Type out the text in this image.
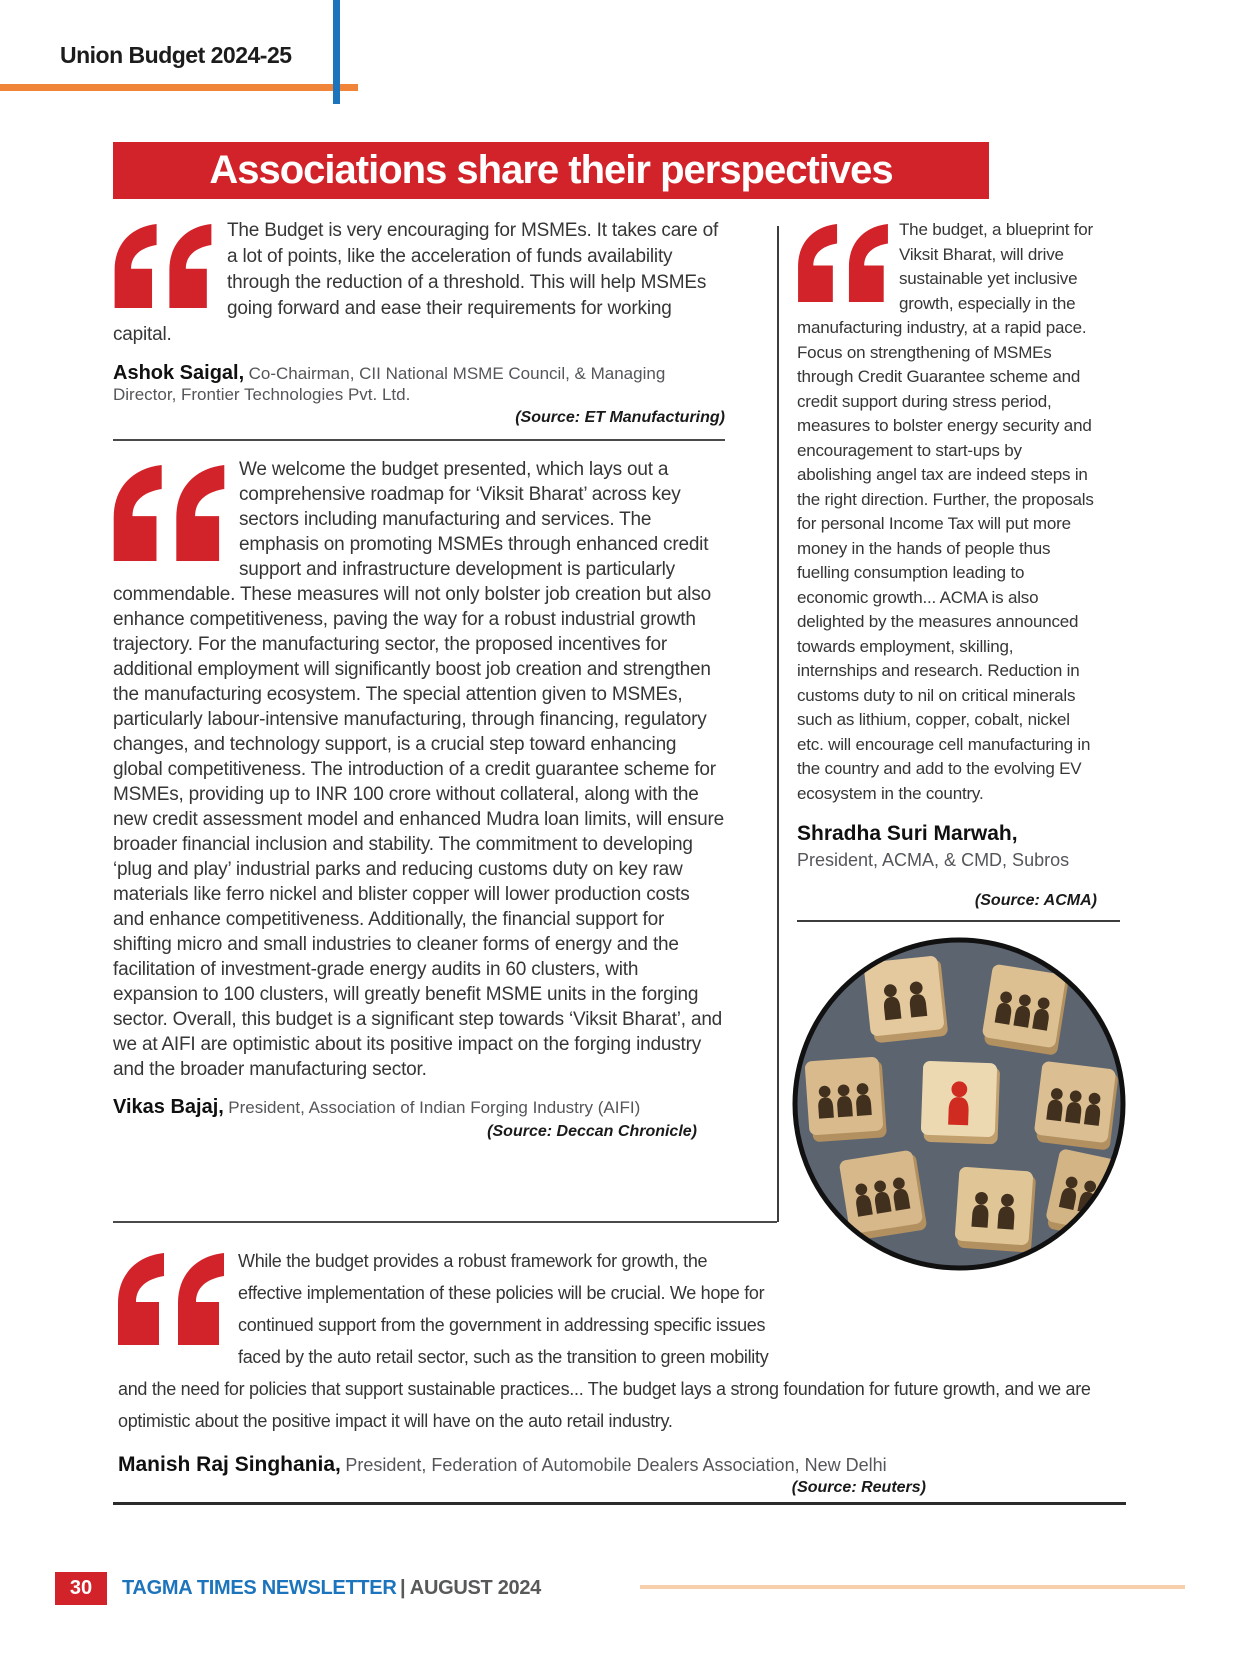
Union Budget 2024-25
Associations share their perspectives

The Budget is very encouraging for MSMEs. It takes care of a lot of points, like the acceleration of funds availability through the reduction of a threshold. This will help MSMEs going forward and ease their requirements for working capital.

Ashok Saigal, Co-Chairman, CII National MSME Council, & Managing Director, Frontier Technologies Pvt. Ltd.

(Source: ET Manufacturing)

We welcome the budget presented, which lays out a comprehensive roadmap for ‘Viksit Bharat’ across key sectors including manufacturing and services. The emphasis on promoting MSMEs through enhanced credit support and infrastructure development is particularly commendable. These measures will not only bolster job creation but also enhance competitiveness, paving the way for a robust industrial growth trajectory. For the manufacturing sector, the proposed incentives for additional employment will significantly boost job creation and strengthen the manufacturing ecosystem. The special attention given to MSMEs, particularly labour-intensive manufacturing, through financing, regulatory changes, and technology support, is a crucial step toward enhancing global competitiveness. The introduction of a credit guarantee scheme for MSMEs, providing up to INR 100 crore without collateral, along with the new credit assessment model and enhanced Mudra loan limits, will ensure broader financial inclusion and stability. The commitment to developing ‘plug and play’ industrial parks and reducing customs duty on key raw materials like ferro nickel and blister copper will lower production costs and enhance competitiveness. Additionally, the financial support for shifting micro and small industries to cleaner forms of energy and the facilitation of investment-grade energy audits in 60 clusters, with expansion to 100 clusters, will greatly benefit MSME units in the forging sector. Overall, this budget is a significant step towards ‘Viksit Bharat’, and we at AIFI are optimistic about its positive impact on the forging industry and the broader manufacturing sector.

Vikas Bajaj, President, Association of Indian Forging Industry (AIFI)

(Source: Deccan Chronicle)

The budget, a blueprint for Viksit Bharat, will drive sustainable yet inclusive growth, especially in the manufacturing industry, at a rapid pace. Focus on strengthening of MSMEs through Credit Guarantee scheme and credit support during stress period, measures to bolster energy security and encouragement to start-ups by abolishing angel tax are indeed steps in the right direction. Further, the proposals for personal Income Tax will put more money in the hands of people thus fuelling consumption leading to economic growth... ACMA is also delighted by the measures announced towards employment, skilling, internships and research. Reduction in customs duty to nil on critical minerals such as lithium, copper, cobalt, nickel etc. will encourage cell manufacturing in the country and add to the evolving EV ecosystem in the country.

Shradha Suri Marwah,
President, ACMA, & CMD, Subros

(Source: ACMA)

While the budget provides a robust framework for growth, the effective implementation of these policies will be crucial. We hope for continued support from the government in addressing specific issues faced by the auto retail sector, such as the transition to green mobility and the need for policies that support sustainable practices... The budget lays a strong foundation for future growth, and we are optimistic about the positive impact it will have on the auto retail industry.

Manish Raj Singhania, President, Federation of Automobile Dealers Association, New Delhi

(Source: Reuters)

30	TAGMA TIMES NEWSLETTER | AUGUST 2024
